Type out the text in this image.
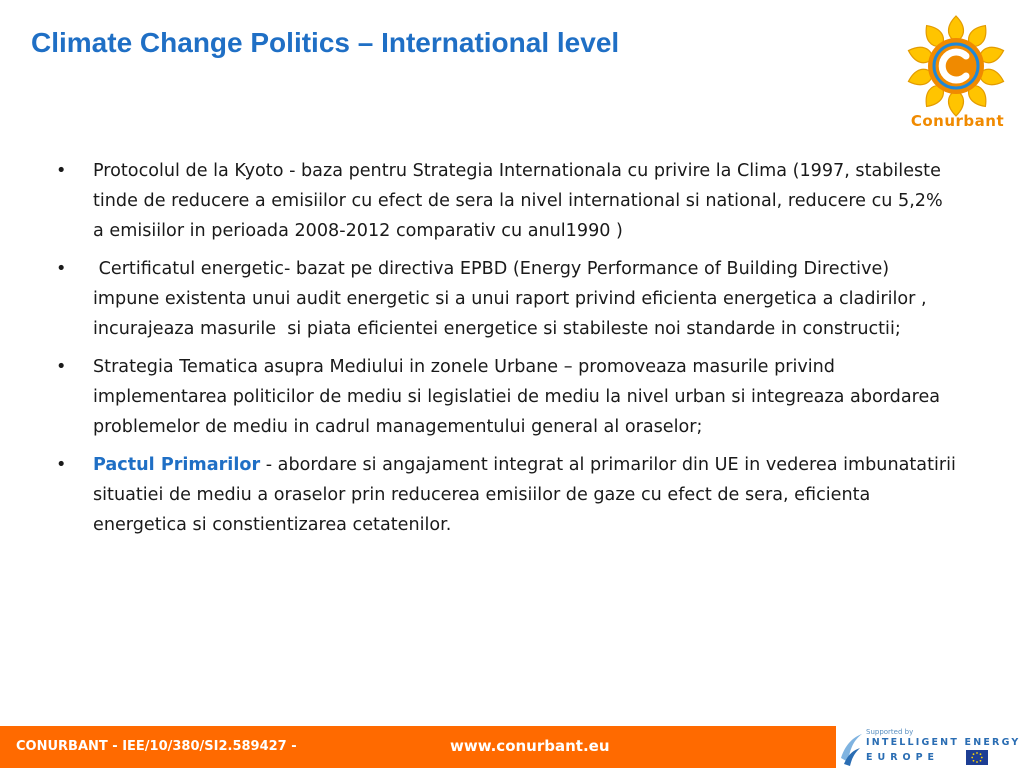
Climate Change Politics – International level
Conurbant
• Protocolul de la Kyoto - baza pentru Strategia Internationala cu privire la Clima (1997, stabileste tinde de reducere a emisiilor cu efect de sera la nivel international si national, reducere cu 5,2% a emisiilor in perioada 2008-2012 comparativ cu anul1990 )
• Certificatul energetic- bazat pe directiva EPBD (Energy Performance of Building Directive) impune existenta unui audit energetic si a unui raport privind eficienta energetica a cladirilor , incurajeaza masurile  si piata eficientei energetice si stabileste noi standarde in constructii;
• Strategia Tematica asupra Mediului in zonele Urbane – promoveaza masurile privind implementarea politicilor de mediu si legislatiei de mediu la nivel urban si integreaza abordarea problemelor de mediu in cadrul managementului general al oraselor;
• Pactul Primarilor - abordare si angajament integrat al primarilor din UE in vederea imbunatatirii situatiei de mediu a oraselor prin reducerea emisiilor de gaze cu efect de sera, eficienta energetica si constientizarea cetatenilor.
CONURBANT - IEE/10/380/SI2.589427 -	www.conurbant.eu
Supported by
INTELLIGENT ENERGY
EUROPE
